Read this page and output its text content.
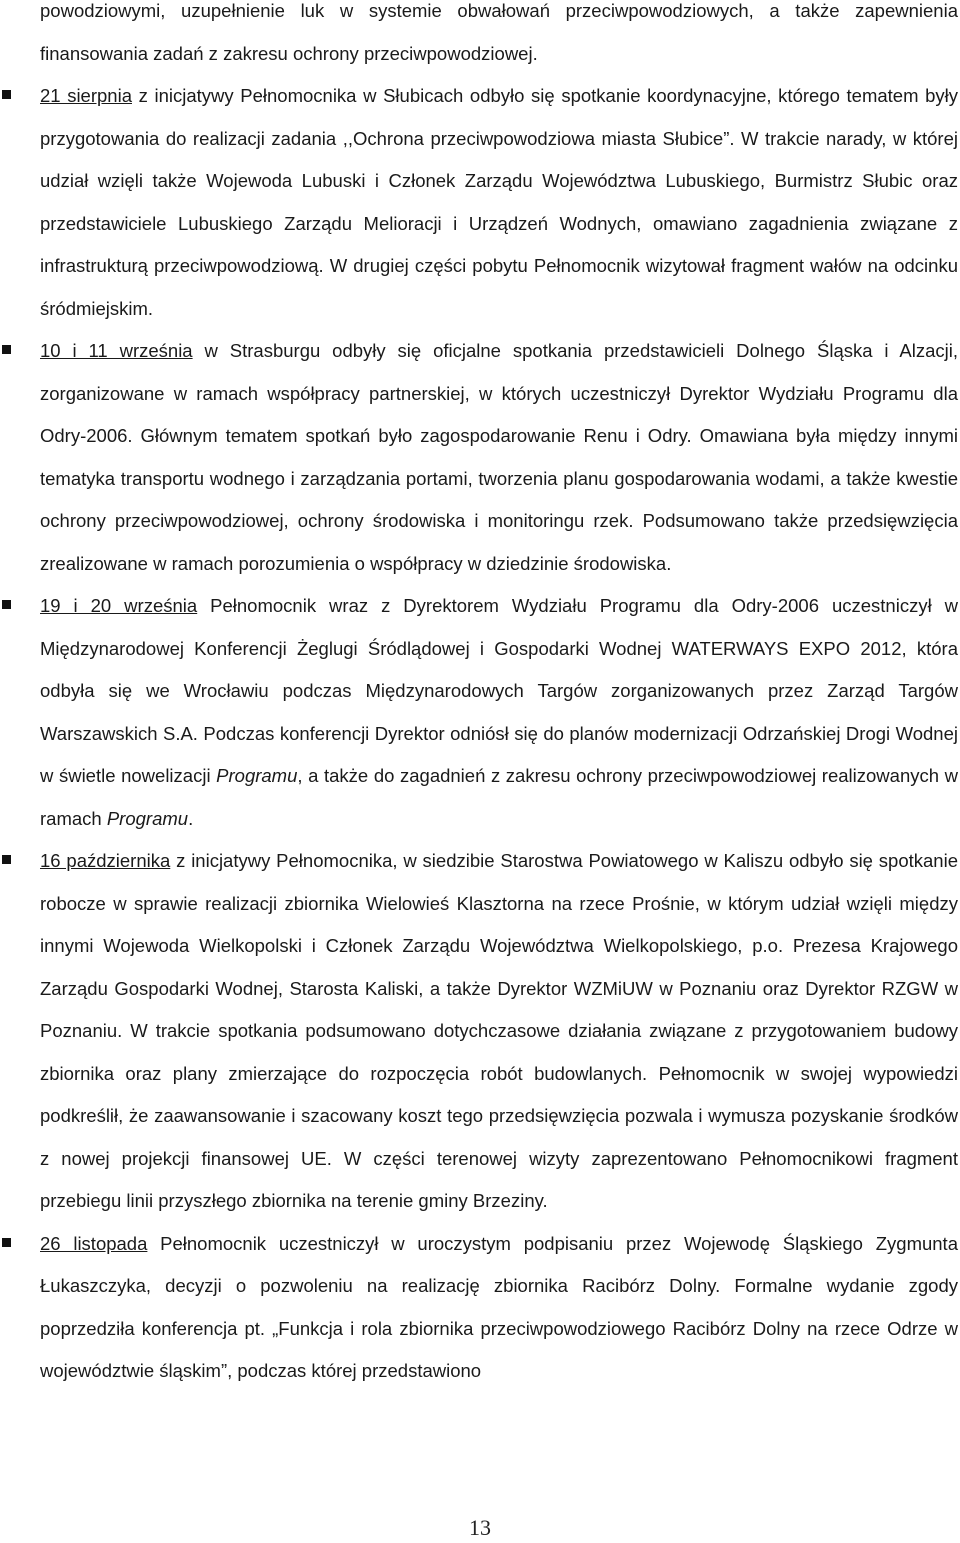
powodziowymi, uzupełnienie luk w systemie obwałowań przeciwpowodziowych, a także zapewnienia finansowania zadań z zakresu ochrony przeciwpowodziowej.

21 sierpnia z inicjatywy Pełnomocnika w Słubicach odbyło się spotkanie koordynacyjne, którego tematem były przygotowania do realizacji zadania ,,Ochrona przeciwpowodziowa miasta Słubice”. W trakcie narady, w której udział wzięli także Wojewoda Lubuski i Członek Zarządu Województwa Lubuskiego, Burmistrz Słubic oraz przedstawiciele Lubuskiego Zarządu Melioracji i Urządzeń Wodnych, omawiano zagadnienia związane z infrastrukturą przeciwpowodziową. W drugiej części pobytu Pełnomocnik wizytował fragment wałów na odcinku śródmiejskim.

10 i 11 września w Strasburgu odbyły się oficjalne spotkania przedstawicieli Dolnego Śląska i Alzacji, zorganizowane w ramach współpracy partnerskiej, w których uczestniczył Dyrektor Wydziału Programu dla Odry-2006. Głównym tematem spotkań było zagospodarowanie Renu i Odry. Omawiana była między innymi tematyka transportu wodnego i zarządzania portami, tworzenia planu gospodarowania wodami, a także kwestie ochrony przeciwpowodziowej, ochrony środowiska i monitoringu rzek. Podsumowano także przedsięwzięcia zrealizowane w ramach porozumienia o współpracy w dziedzinie środowiska.

19 i 20 września Pełnomocnik wraz z Dyrektorem Wydziału Programu dla Odry-2006 uczestniczył w Międzynarodowej Konferencji Żeglugi Śródlądowej i Gospodarki Wodnej WATERWAYS EXPO 2012, która odbyła się we Wrocławiu podczas Międzynarodowych Targów zorganizowanych przez Zarząd Targów Warszawskich S.A. Podczas konferencji Dyrektor odniósł się do planów modernizacji Odrzańskiej Drogi Wodnej w świetle nowelizacji Programu, a także do zagadnień z zakresu ochrony przeciwpowodziowej realizowanych w ramach Programu.

16 października z inicjatywy Pełnomocnika, w siedzibie Starostwa Powiatowego w Kaliszu odbyło się spotkanie robocze w sprawie realizacji zbiornika Wielowieś Klasztorna na rzece Prośnie, w którym udział wzięli między innymi Wojewoda Wielkopolski i Członek Zarządu Województwa Wielkopolskiego, p.o. Prezesa Krajowego Zarządu Gospodarki Wodnej, Starosta Kaliski, a także Dyrektor WZMiUW w Poznaniu oraz Dyrektor RZGW w Poznaniu. W trakcie spotkania podsumowano dotychczasowe działania związane z przygotowaniem budowy zbiornika oraz plany zmierzające do rozpoczęcia robót budowlanych. Pełnomocnik w swojej wypowiedzi podkreślił, że zaawansowanie i szacowany koszt tego przedsięwzięcia pozwala i wymusza pozyskanie środków z nowej projekcji finansowej UE. W części terenowej wizyty zaprezentowano Pełnomocnikowi fragment przebiegu linii przyszłego zbiornika na terenie gminy Brzeziny.

26 listopada Pełnomocnik uczestniczył w uroczystym podpisaniu przez Wojewodę Śląskiego Zygmunta Łukaszczyka, decyzji o pozwoleniu na realizację zbiornika Racibórz Dolny. Formalne wydanie zgody poprzedziła konferencja pt. „Funkcja i rola zbiornika przeciwpowodziowego Racibórz Dolny na rzece Odrze w województwie śląskim”, podczas której przedstawiono

13
